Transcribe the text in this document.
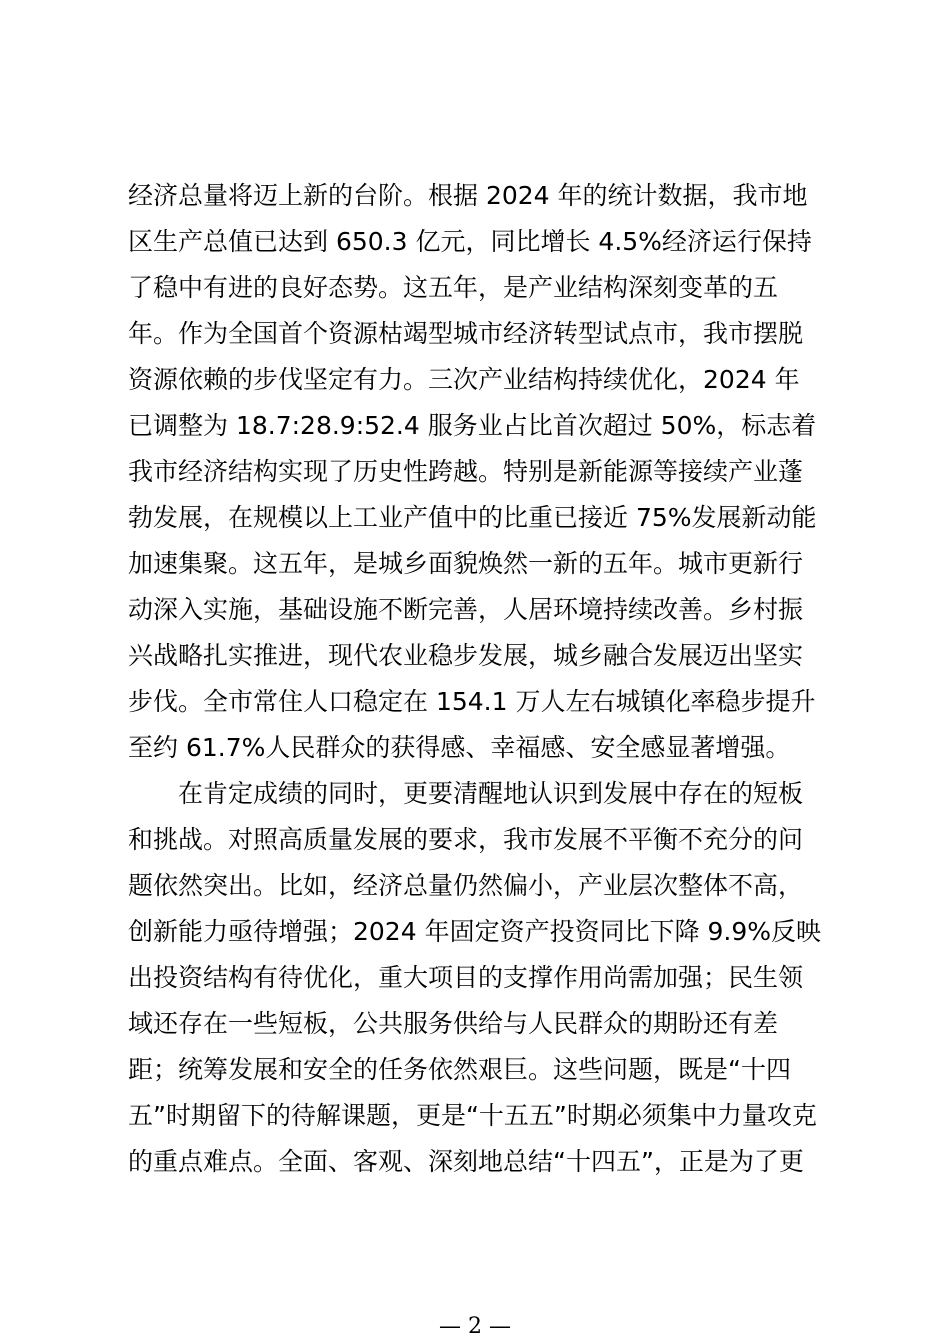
经济总量将迈上新的台阶。根据 2024 年的统计数据，我市地
区生产总值已达到 650.3 亿元，同比增长 4.5%经济运行保持
了稳中有进的良好态势。这五年，是产业结构深刻变革的五
年。作为全国首个资源枯竭型城市经济转型试点市，我市摆脱
资源依赖的步伐坚定有力。三次产业结构持续优化，2024 年
已调整为 18.7:28.9:52.4 服务业占比首次超过 50%，标志着
我市经济结构实现了历史性跨越。特别是新能源等接续产业蓬
勃发展，在规模以上工业产值中的比重已接近 75%发展新动能
加速集聚。这五年，是城乡面貌焕然一新的五年。城市更新行
动深入实施，基础设施不断完善，人居环境持续改善。乡村振
兴战略扎实推进，现代农业稳步发展，城乡融合发展迈出坚实
步伐。全市常住人口稳定在 154.1 万人左右城镇化率稳步提升
至约 61.7%人民群众的获得感、幸福感、安全感显著增强。
在肯定成绩的同时，更要清醒地认识到发展中存在的短板
和挑战。对照高质量发展的要求，我市发展不平衡不充分的问
题依然突出。比如，经济总量仍然偏小，产业层次整体不高，
创新能力亟待增强；2024 年固定资产投资同比下降 9.9%反映
出投资结构有待优化，重大项目的支撑作用尚需加强；民生领
域还存在一些短板，公共服务供给与人民群众的期盼还有差
距；统筹发展和安全的任务依然艰巨。这些问题，既是“十四
五”时期留下的待解课题，更是“十五五”时期必须集中力量攻克
的重点难点。全面、客观、深刻地总结“十四五”，正是为了更
— 2 —
